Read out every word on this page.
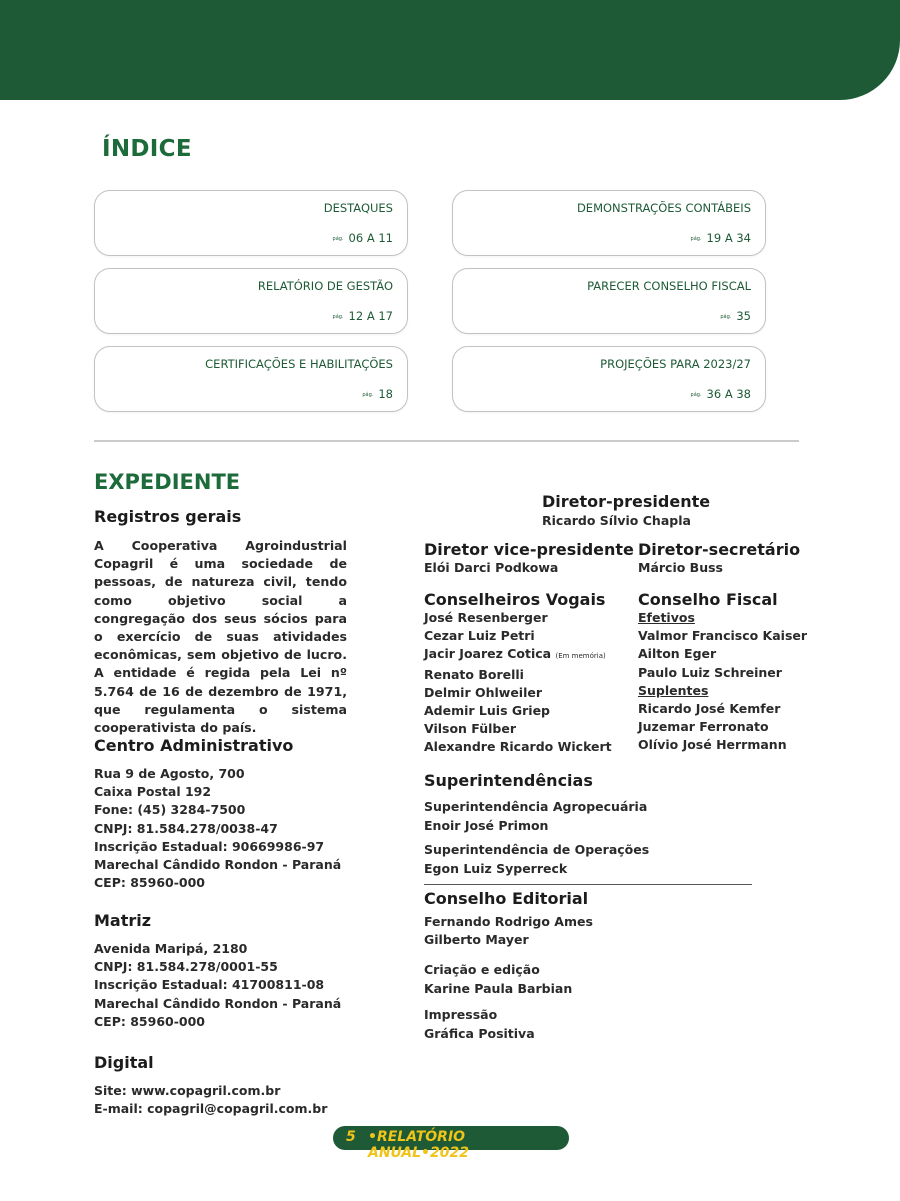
ÍNDICE
DESTAQUES
pág. 06 A 11
DEMONSTRAÇÕES CONTÁBEIS
pág. 19 A 34
RELATÓRIO DE GESTÃO
pág. 12 A 17
PARECER CONSELHO FISCAL
pág. 35
CERTIFICAÇÕES E HABILITAÇÕES
pág. 18
PROJEÇÕES PARA 2023/27
pág. 36 A 38
EXPEDIENTE
Registros gerais
A Cooperativa Agroindustrial Copagril é uma sociedade de pessoas, de natureza civil, tendo como objetivo social a congregação dos seus sócios para o exercício de suas atividades econômicas, sem objetivo de lucro. A entidade é regida pela Lei nº 5.764 de 16 de dezembro de 1971, que regulamenta o sistema cooperativista do país.
Centro Administrativo
Rua 9 de Agosto, 700
Caixa Postal 192
Fone: (45) 3284-7500
CNPJ: 81.584.278/0038-47
Inscrição Estadual: 90669986-97
Marechal Cândido Rondon - Paraná
CEP: 85960-000
Matriz
Avenida Maripá, 2180
CNPJ: 81.584.278/0001-55
Inscrição Estadual: 41700811-08
Marechal Cândido Rondon - Paraná
CEP: 85960-000
Digital
Site: www.copagril.com.br
E-mail: copagril@copagril.com.br
Diretor-presidente
Ricardo Sílvio Chapla
Diretor vice-presidente
Elói Darci Podkowa
Diretor-secretário
Márcio Buss
Conselheiros Vogais
José Resenberger
Cezar Luiz Petri
Jacir Joarez Cotica (Em memória)
Renato Borelli
Delmir Ohlweiler
Ademir Luis Griep
Vilson Fülber
Alexandre Ricardo Wickert
Conselho Fiscal
Efetivos
Valmor Francisco Kaiser
Ailton Eger
Paulo Luiz Schreiner
Suplentes
Ricardo José Kemfer
Juzemar Ferronato
Olívio José Herrmann
Superintendências
Superintendência Agropecuária
Enoir José Primon
Superintendência de Operações
Egon Luiz Syperreck
Conselho Editorial
Fernando Rodrigo Ames
Gilberto Mayer
Criação e edição
Karine Paula Barbian
Impressão
Gráfica Positiva
5 •RELATÓRIO ANUAL•2022
